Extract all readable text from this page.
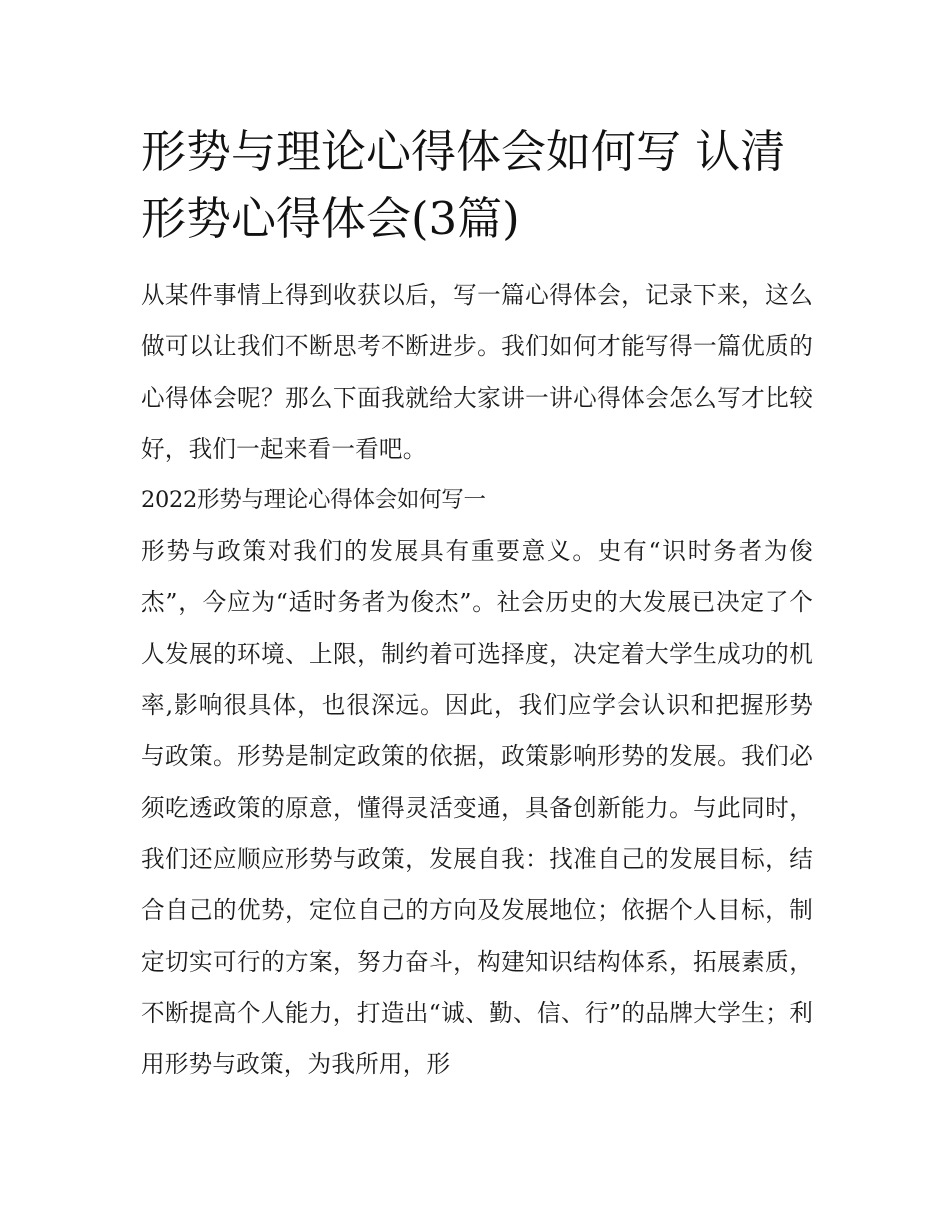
形势与理论心得体会如何写 认清形势心得体会(3篇)

从某件事情上得到收获以后，写一篇心得体会，记录下来，这么做可以让我们不断思考不断进步。我们如何才能写得一篇优质的心得体会呢？那么下面我就给大家讲一讲心得体会怎么写才比较好，我们一起来看一看吧。

2022形势与理论心得体会如何写一

形势与政策对我们的发展具有重要意义。史有“识时务者为俊杰”，今应为“适时务者为俊杰”。社会历史的大发展已决定了个人发展的环境、上限，制约着可选择度，决定着大学生成功的机率,影响很具体，也很深远。因此，我们应学会认识和把握形势与政策。形势是制定政策的依据，政策影响形势的发展。我们必须吃透政策的原意，懂得灵活变通，具备创新能力。与此同时，我们还应顺应形势与政策，发展自我：找准自己的发展目标，结合自己的优势，定位自己的方向及发展地位；依据个人目标，制定切实可行的方案，努力奋斗，构建知识结构体系，拓展素质，不断提高个人能力，打造出“诚、勤、信、行”的品牌大学生；利用形势与政策，为我所用，形
